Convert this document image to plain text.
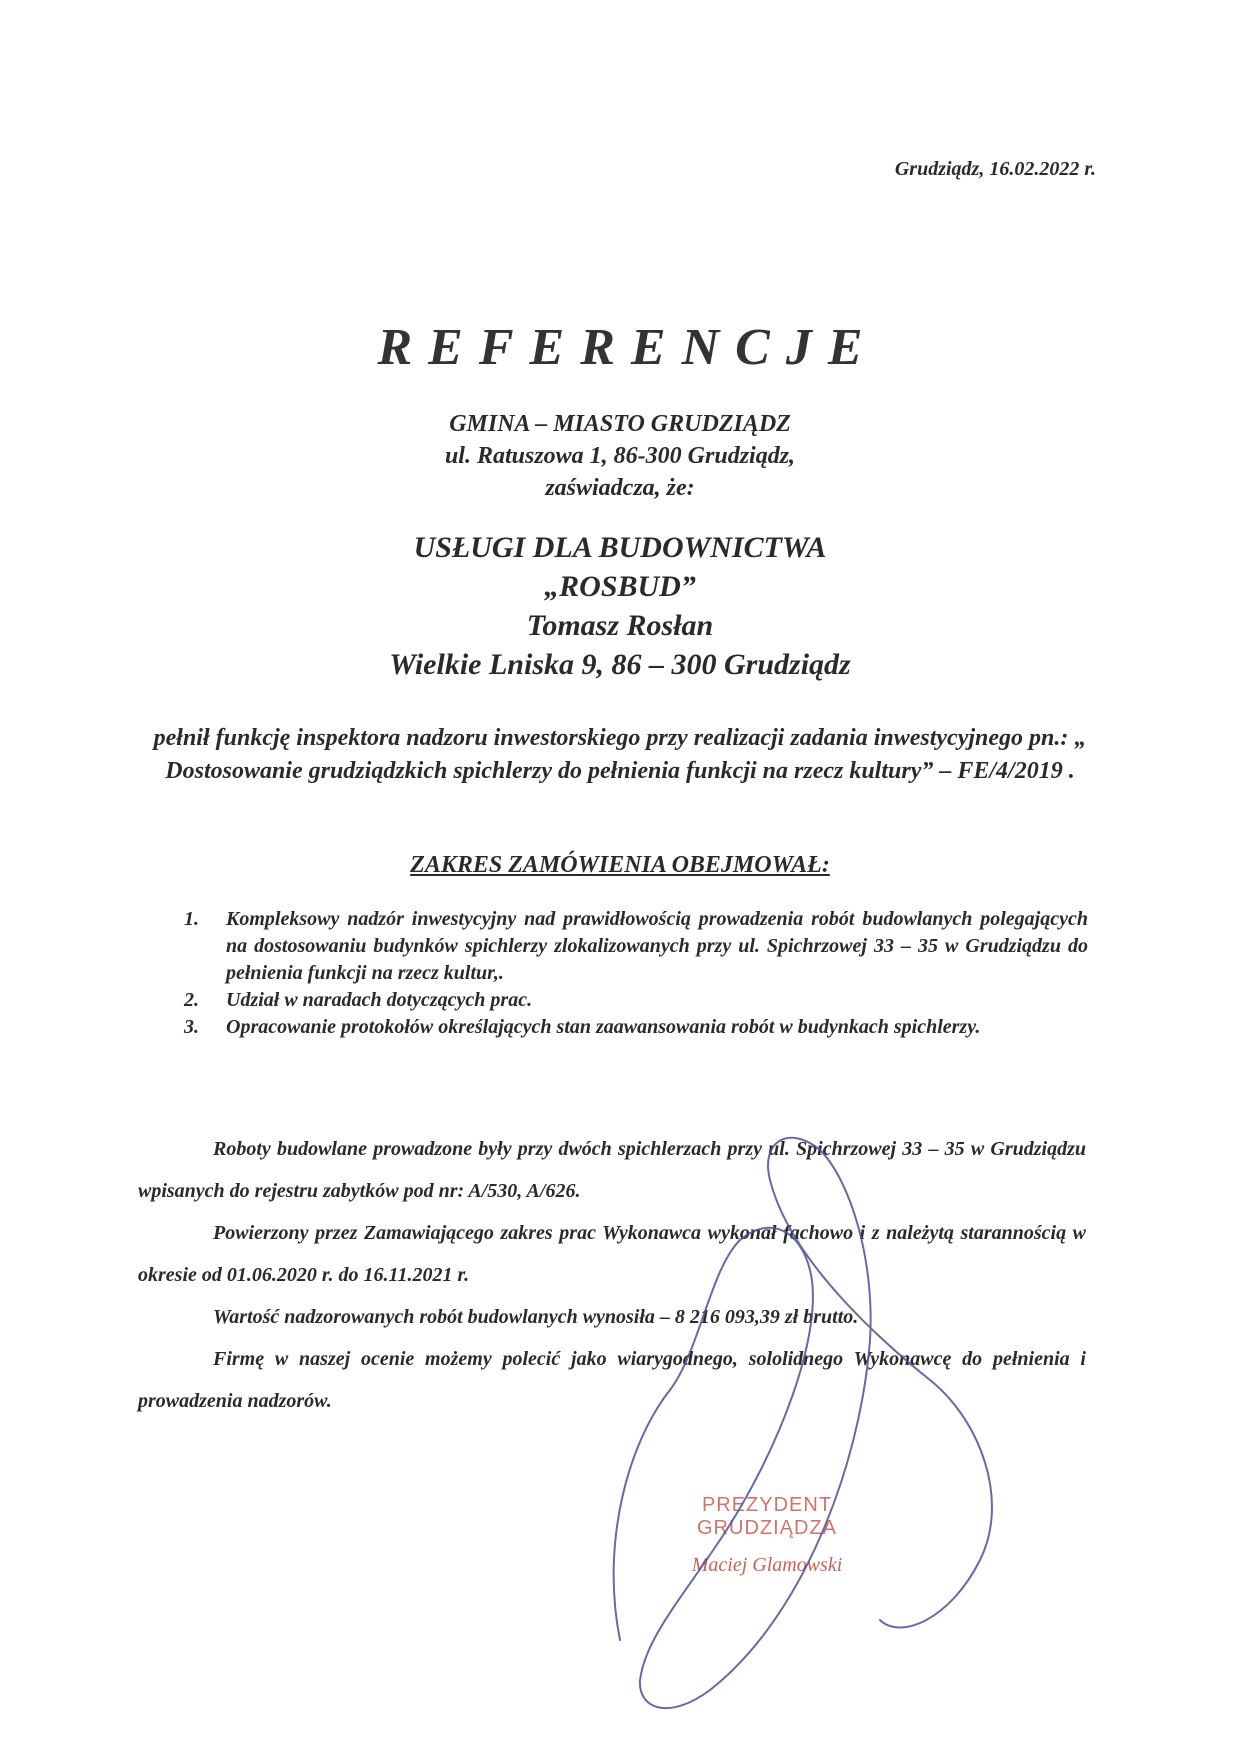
Grudziądz, 16.02.2022 r.
REFERENCJE
GMINA – MIASTO GRUDZIĄDZ
ul. Ratuszowa 1, 86-300 Grudziądz,
zaświadcza, że:
USŁUGI DLA BUDOWNICTWA
„ROSBUD”
Tomasz Rosłan
Wielkie Lniska 9, 86 – 300 Grudziądz
pełnił funkcję inspektora nadzoru inwestorskiego przy realizacji zadania inwestycyjnego pn.: „ Dostosowanie grudziądzkich spichlerzy do pełnienia funkcji na rzecz kultury” – FE/4/2019 .
ZAKRES ZAMÓWIENIA OBEJMOWAŁ:
1.	Kompleksowy nadzór inwestycyjny nad prawidłowością prowadzenia robót budowlanych polegających na dostosowaniu budynków spichlerzy zlokalizowanych przy ul. Spichrzowej 33 – 35 w Grudziądzu do pełnienia funkcji na rzecz kultur,.
2.	Udział w naradach dotyczących prac.
3.	Opracowanie protokołów określających stan zaawansowania robót w budynkach spichlerzy.
Roboty budowlane prowadzone były przy dwóch spichlerzach przy ul. Spichrzowej 33 – 35 w Grudziądzu wpisanych do rejestru zabytków pod nr: A/530, A/626.
Powierzony przez Zamawiającego zakres prac Wykonawca wykonał fachowo i z należytą starannością w okresie od 01.06.2020 r. do 16.11.2021 r.
Wartość nadzorowanych robót budowlanych wynosiła – 8 216 093,39 zł brutto.
Firmę w naszej ocenie możemy polecić jako wiarygodnego, sololidnego Wykonawcę do pełnienia i prowadzenia nadzorów.
PREZYDENT GRUDZIĄDZA
Maciej Glamowski
